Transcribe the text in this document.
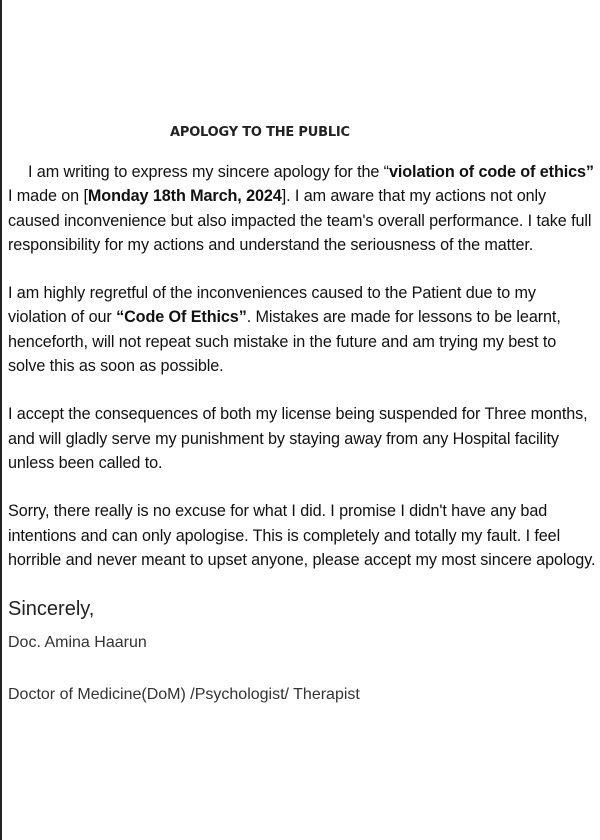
APOLOGY TO THE PUBLIC

I am writing to express my sincere apology for the “violation of code of ethics” I made on [Monday 18th March, 2024]. I am aware that my actions not only caused inconvenience but also impacted the team's overall performance. I take full responsibility for my actions and understand the seriousness of the matter.

I am highly regretful of the inconveniences caused to the Patient due to my violation of our “Code Of Ethics”. Mistakes are made for lessons to be learnt, henceforth, will not repeat such mistake in the future and am trying my best to solve this as soon as possible.

I accept the consequences of both my license being suspended for Three months, and will gladly serve my punishment by staying away from any Hospital facility unless been called to.

Sorry, there really is no excuse for what I did. I promise I didn't have any bad intentions and can only apologise. This is completely and totally my fault. I feel horrible and never meant to upset anyone, please accept my most sincere apology.

Sincerely,
Doc. Amina Haarun
Doctor of Medicine(DoM) /Psychologist/ Therapist
